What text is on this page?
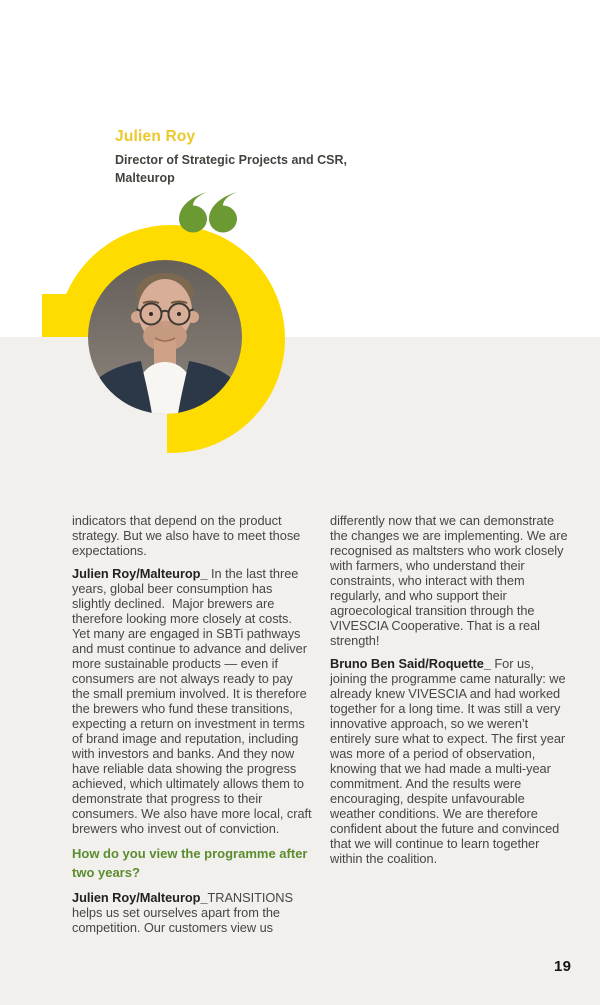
Julien Roy
Director of Strategic Projects and CSR,
Malteurop

indicators that depend on the product strategy. But we also have to meet those expectations.

Julien Roy/Malteurop_ In the last three years, global beer consumption has slightly declined.  Major brewers are therefore looking more closely at costs. Yet many are engaged in SBTi pathways and must continue to advance and deliver more sustainable products — even if consumers are not always ready to pay the small premium involved. It is therefore the brewers who fund these transitions, expecting a return on investment in terms of brand image and reputation, including with investors and banks. And they now have reliable data showing the progress achieved, which ultimately allows them to demonstrate that progress to their consumers. We also have more local, craft brewers who invest out of conviction.

How do you view the programme after two years?

Julien Roy/Malteurop_TRANSITIONS helps us set ourselves apart from the competition. Our customers view us

differently now that we can demonstrate the changes we are implementing. We are recognised as maltsters who work closely with farmers, who understand their constraints, who interact with them regularly, and who support their agroecological transition through the VIVESCIA Cooperative. That is a real strength!

Bruno Ben Said/Roquette_ For us, joining the programme came naturally: we already knew VIVESCIA and had worked together for a long time. It was still a very innovative approach, so we weren’t entirely sure what to expect. The first year was more of a period of observation, knowing that we had made a multi-year commitment. And the results were encouraging, despite unfavourable weather conditions. We are therefore confident about the future and convinced that we will continue to learn together within the coalition.

19
